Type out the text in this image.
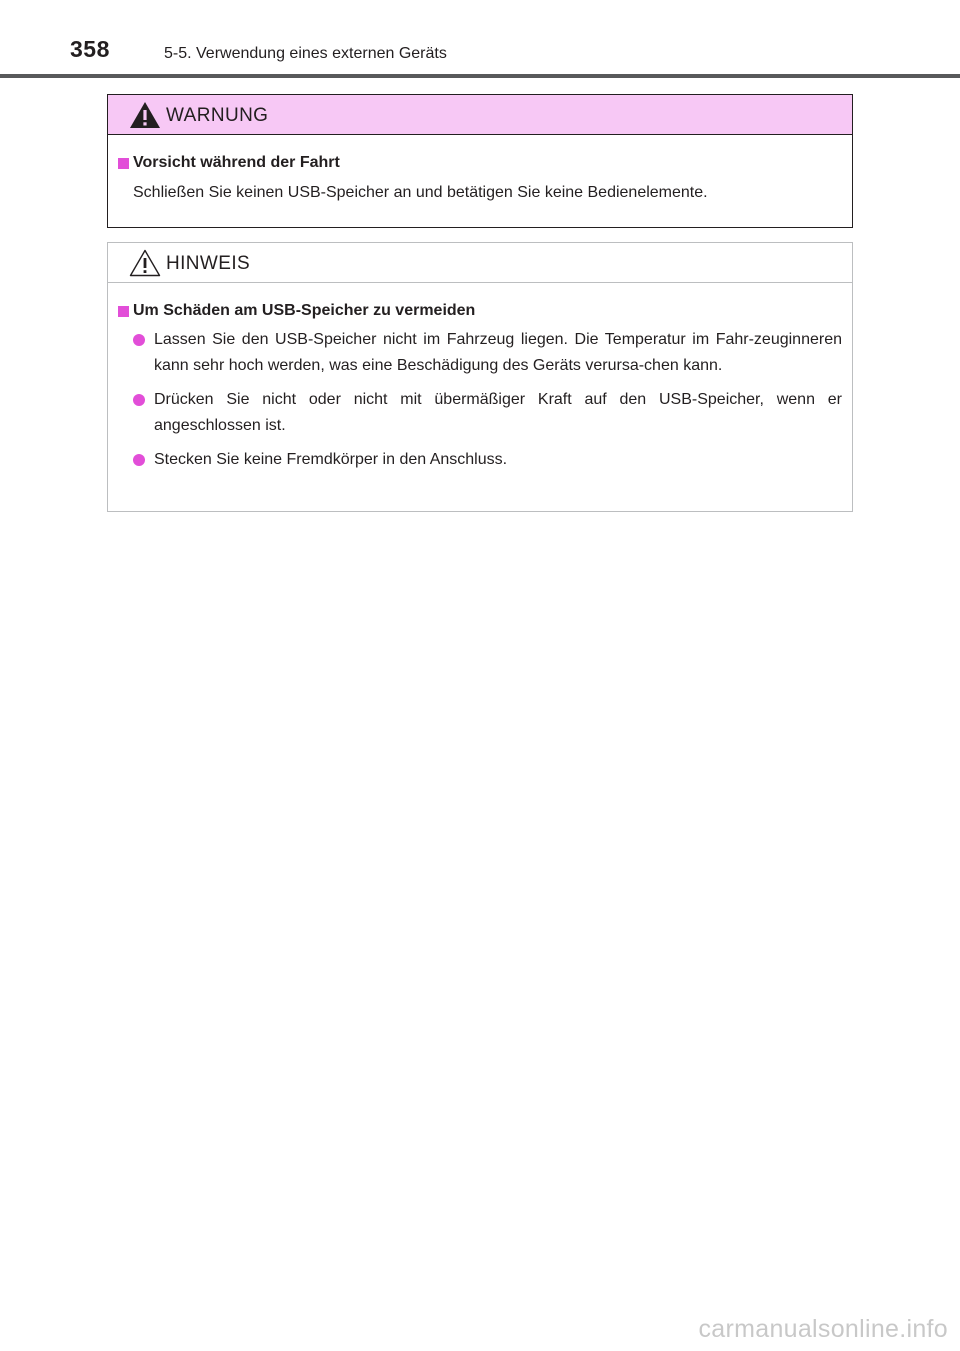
358	5-5. Verwendung eines externen Geräts
WARNUNG
Vorsicht während der Fahrt
Schließen Sie keinen USB-Speicher an und betätigen Sie keine Bedienelemente.
HINWEIS
Um Schäden am USB-Speicher zu vermeiden
Lassen Sie den USB-Speicher nicht im Fahrzeug liegen. Die Temperatur im Fahr-zeuginneren kann sehr hoch werden, was eine Beschädigung des Geräts verursa-chen kann.
Drücken Sie nicht oder nicht mit übermäßiger Kraft auf den USB-Speicher, wenn er angeschlossen ist.
Stecken Sie keine Fremdkörper in den Anschluss.
carmanualsonline.info
